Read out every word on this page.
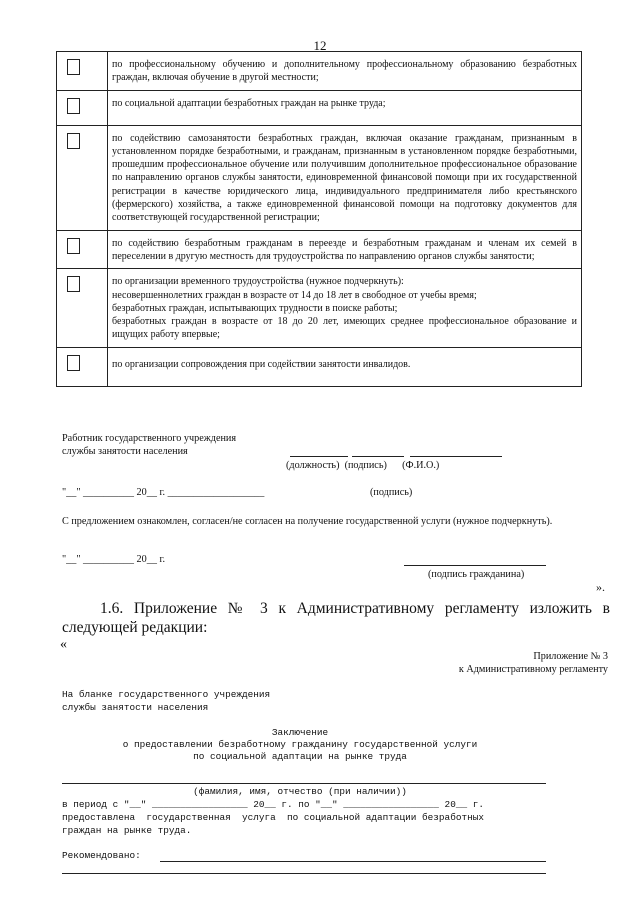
12
	по профессиональному обучению и дополнительному профессиональному образованию безработных граждан, включая обучение в другой местности;

	по социальной адаптации безработных граждан на рынке труда;

	по содействию самозанятости безработных граждан, включая оказание гражданам, признанным в установленном порядке безработными, и гражданам, признанным в установленном порядке безработными, прошедшим профессиональное обучение или получившим дополнительное профессиональное образование по направлению органов службы занятости, единовременной финансовой помощи при их государственной регистрации в качестве юридического лица, индивидуального предпринимателя либо крестьянского (фермерского) хозяйства, а также единовременной финансовой помощи на подготовку документов для соответствующей государственной регистрации;

	по содействию безработным гражданам в переезде и безработным гражданам и членам их семей в переселении в другую местность для трудоустройства по направлению органов службы занятости;

	по организации временного трудоустройства (нужное подчеркнуть):
несовершеннолетних граждан в возрасте от 14 до 18 лет в свободное от учебы время;
безработных граждан, испытывающих трудности в поиске работы;
безработных граждан в возрасте от 18 до 20 лет, имеющих среднее профессиональное образование и ищущих работу впервые;

	по организации сопровождения при содействии занятости инвалидов.
Работник государственного учреждения
службы занятости населения
(должность)  (подпись)      (Ф.И.О.)
"__" __________ 20__ г. ___________________	(подпись)
С предложением ознакомлен, согласен/не согласен на получение государственной услуги (нужное подчеркнуть).
"__" __________ 20__ г.
(подпись гражданина)
».
1.6. Приложение № 3 к Административному регламенту изложить в следующей редакции:
«
Приложение № 3
к Административному регламенту
На бланке государственного учреждения
службы занятости населения
Заключение
о предоставлении безработному гражданину государственной услуги
по социальной адаптации на рынке труда
(фамилия, имя, отчество (при наличии))
в период с "__" _________________ 20__ г. по "__" _________________ 20__ г.
предоставлена  государственная  услуга  по социальной адаптации безработных
граждан на рынке труда.
Рекомендовано:
